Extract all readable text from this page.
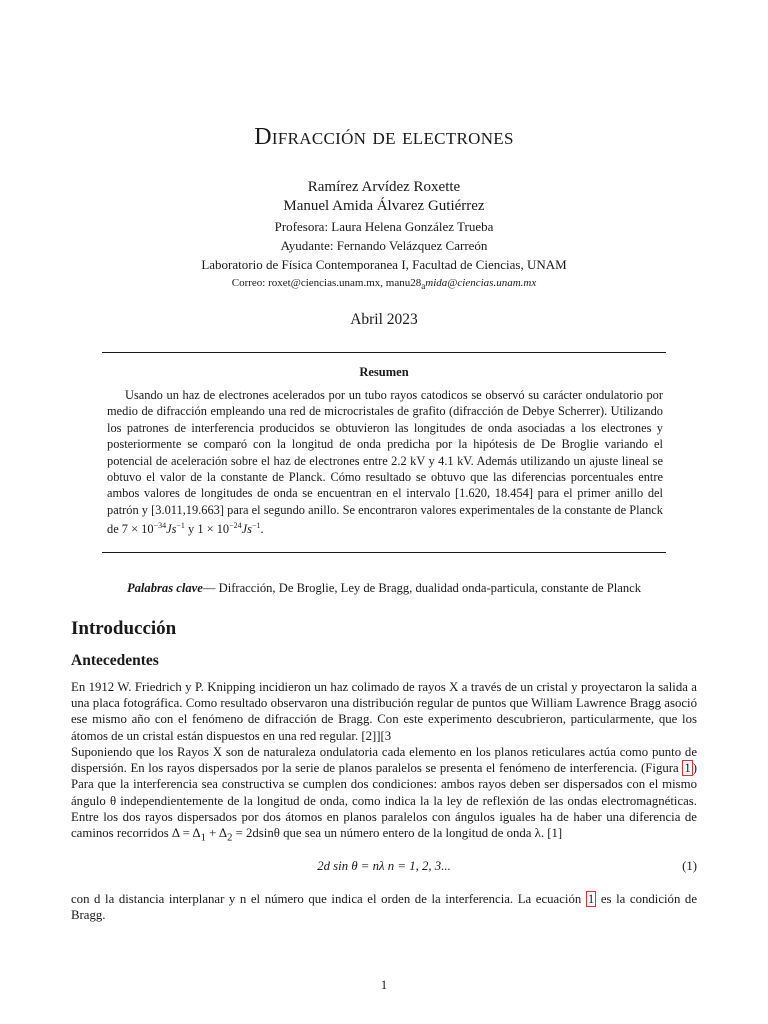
Difracción de electrones
Ramírez Arvídez Roxette
Manuel Amida Álvarez Gutiérrez
Profesora: Laura Helena González Trueba
Ayudante: Fernando Velázquez Carreón
Laboratorio de Física Contemporanea I, Facultad de Ciencias, UNAM
Correo: roxet@ciencias.unam.mx, $manu28_amida@ciencias.unam.mx$
Abril 2023
Resumen
Usando un haz de electrones acelerados por un tubo rayos catodicos se observó su carácter ondulatorio por medio de difracción empleando una red de microcristales de grafito (difracción de Debye Scherrer). Utilizando los patrones de interferencia producidos se obtuvieron las longitudes de onda asociadas a los electrones y posteriormente se comparó con la longitud de onda predicha por la hipótesis de De Broglie variando el potencial de aceleración sobre el haz de electrones entre 2.2 kV y 4.1 kV. Además utilizando un ajuste lineal se obtuvo el valor de la constante de Planck. Cómo resultado se obtuvo que las diferencias porcentuales entre ambos valores de longitudes de onda se encuentran en el intervalo [1.620, 18.454] para el primer anillo del patrón y [3.011,19.663] para el segundo anillo. Se encontraron valores experimentales de la constante de Planck de $7 \times 10^{-34}Js^{-1}$ y $1 \times 10^{-24}Js^{-1}$.
Palabras clave— Difracción, De Broglie, Ley de Bragg, dualidad onda-particula, constante de Planck
Introducción
Antecedentes
En 1912 W. Friedrich y P. Knipping incidieron un haz colimado de rayos X a través de un cristal y proyectaron la salida a una placa fotográfica. Como resultado observaron una distribución regular de puntos que William Lawrence Bragg asoció ese mismo año con el fenómeno de difracción de Bragg. Con este experimento descubrieron, particularmente, que los átomos de un cristal están dispuestos en una red regular. [2]][3
Suponiendo que los Rayos X son de naturaleza ondulatoria cada elemento en los planos reticulares actúa como punto de dispersión. En los rayos dispersados por la serie de planos paralelos se presenta el fenómeno de interferencia. (Figura 1 ) Para que la interferencia sea constructiva se cumplen dos condiciones: ambos rayos deben ser dispersados con el mismo ángulo θ independientemente de la longitud de onda, como indica la la ley de reflexión de las ondas electromagnéticas. Entre los dos rayos dispersados por dos átomos en planos paralelos con ángulos iguales ha de haber una diferencia de caminos recorridos $\Delta = \Delta_1 + \Delta_2 = 2dsin\theta$ que sea un número entero de la longitud de onda λ. [1]
2d sin θ = nλ n = 1, 2, 3...	(1)
con d la distancia interplanar y n el número que indica el orden de la interferencia. La ecuación 1 es la condición de Bragg.
1
